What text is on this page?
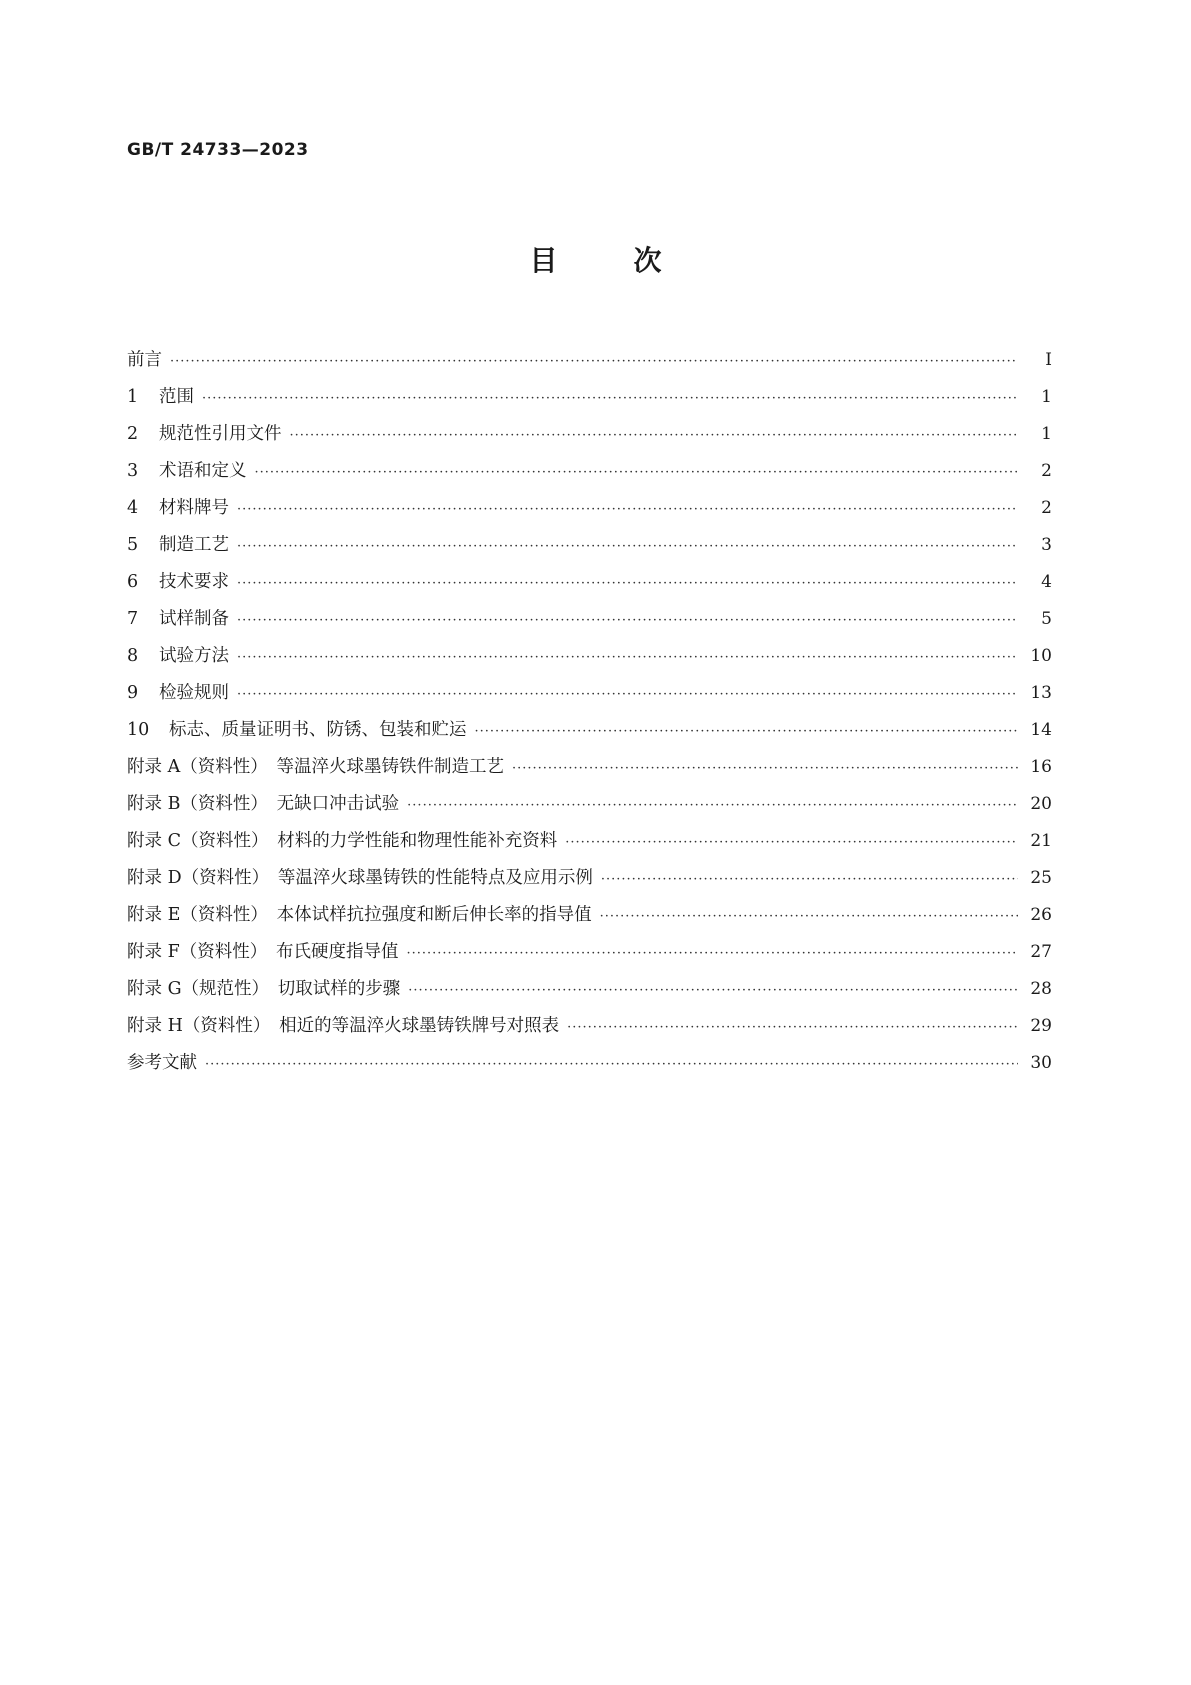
GB/T 24733—2023
目	次
前言 ·····	Ⅰ
1 范围 ·····	1
2 规范性引用文件 ·····	1
3 术语和定义 ·····	2
4 材料牌号 ·····	2
5 制造工艺 ·····	3
6 技术要求 ·····	4
7 试样制备 ·····	5
8 试验方法 ·····	10
9 检验规则 ·····	13
10 标志、质量证明书、防锈、包装和贮运 ·····	14
附录 A（资料性）　等温淬火球墨铸铁件制造工艺 ·····	16
附录 B（资料性）　无缺口冲击试验 ·····	20
附录 C（资料性）　材料的力学性能和物理性能补充资料 ·····	21
附录 D（资料性）　等温淬火球墨铸铁的性能特点及应用示例 ·····	25
附录 E（资料性）　本体试样抗拉强度和断后伸长率的指导值 ·····	26
附录 F（资料性）　布氏硬度指导值 ·····	27
附录 G（规范性）　切取试样的步骤 ·····	28
附录 H（资料性）　相近的等温淬火球墨铸铁牌号对照表 ·····	29
参考文献 ·····	30
